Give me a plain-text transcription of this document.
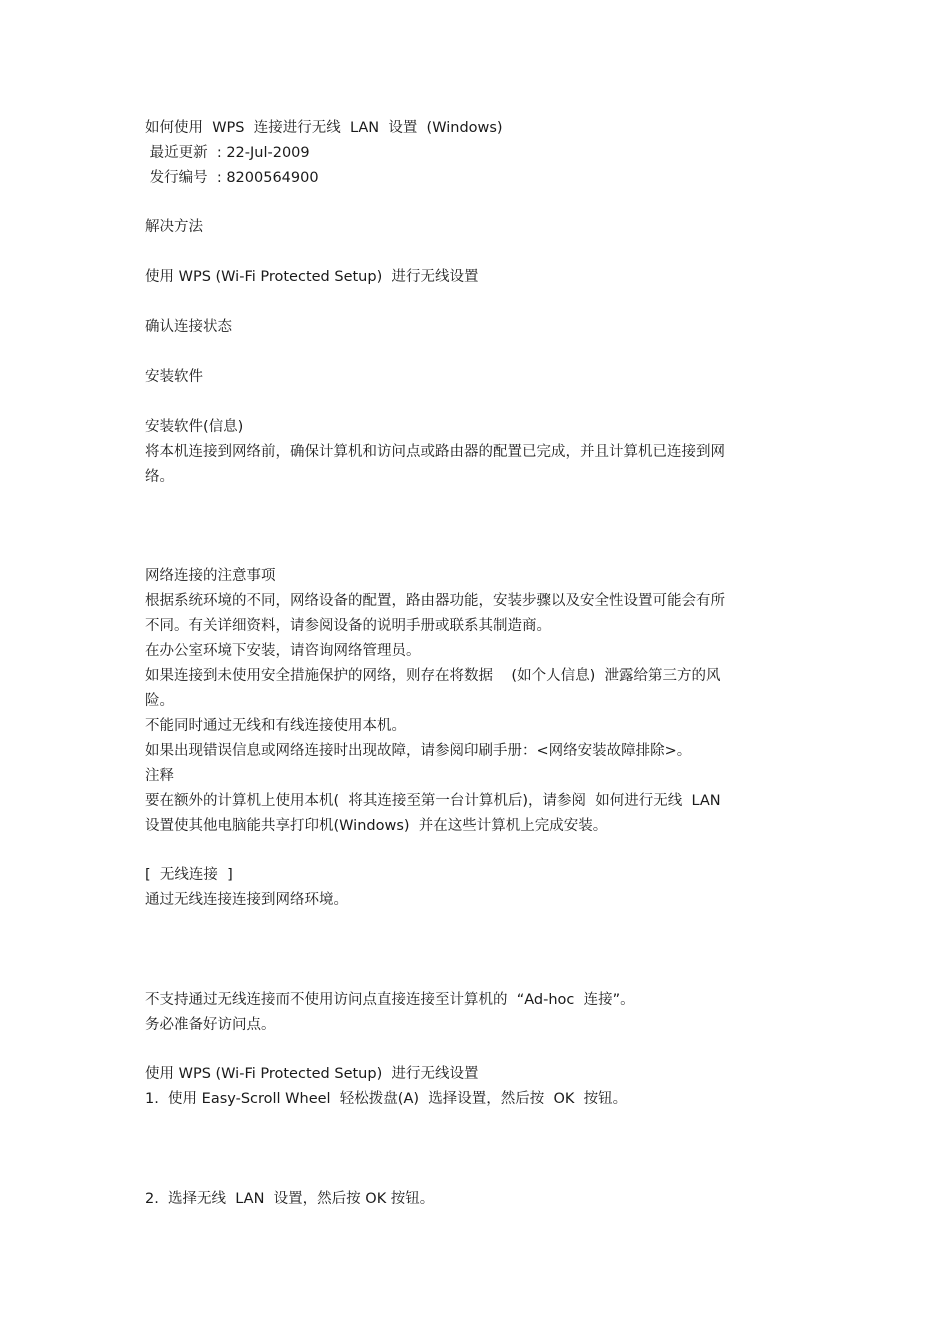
如何使用  WPS  连接进行无线  LAN  设置  (Windows)
最近更新  : 22-Jul-2009
发行编号  : 8200564900
解决方法
使用 WPS (Wi-Fi Protected Setup)  进行无线设置
确认连接状态
安装软件
安装软件(信息)
将本机连接到网络前，确保计算机和访问点或路由器的配置已完成，并且计算机已连接到网
络。
网络连接的注意事项
根据系统环境的不同，网络设备的配置，路由器功能，安装步骤以及安全性设置可能会有所
不同。有关详细资料，请参阅设备的说明手册或联系其制造商。
在办公室环境下安装，请咨询网络管理员。
如果连接到未使用安全措施保护的网络，则存在将数据    (如个人信息)  泄露给第三方的风
险。
不能同时通过无线和有线连接使用本机。
如果出现错误信息或网络连接时出现故障，请参阅印刷手册：<网络安装故障排除>。
注释
要在额外的计算机上使用本机(  将其连接至第一台计算机后)，请参阅  如何进行无线  LAN
设置使其他电脑能共享打印机(Windows)  并在这些计算机上完成安装。
[  无线连接  ]
通过无线连接连接到网络环境。
不支持通过无线连接而不使用访问点直接连接至计算机的  “Ad-hoc  连接”。
务必准备好访问点。
使用 WPS (Wi-Fi Protected Setup)  进行无线设置
1.  使用 Easy-Scroll Wheel  轻松拨盘(A)  选择设置，然后按  OK  按钮。
2.  选择无线  LAN  设置，然后按 OK 按钮。
